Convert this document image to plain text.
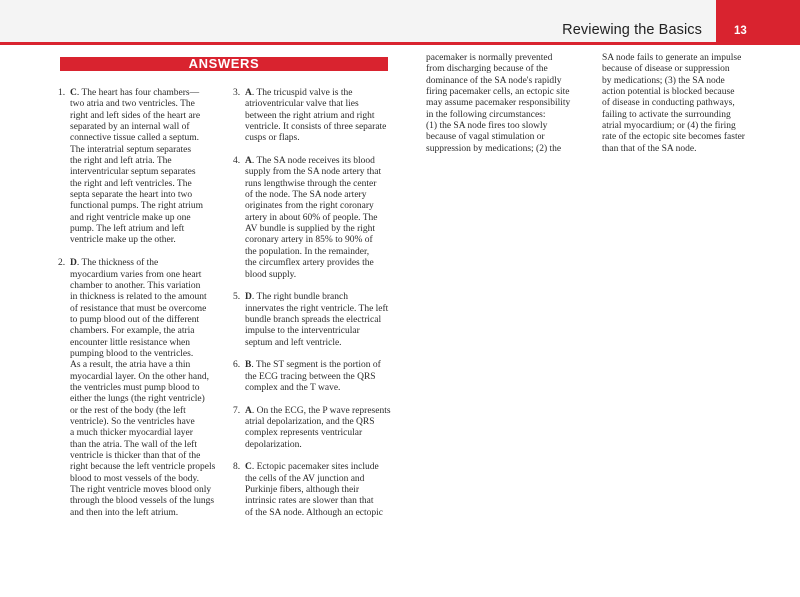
Reviewing the Basics	13
ANSWERS
1. C. The heart has four chambers—
two atria and two ventricles. The
right and left sides of the heart are
separated by an internal wall of
connective tissue called a septum.
The interatrial septum separates
the right and left atria. The
interventricular septum separates
the right and left ventricles. The
septa separate the heart into two
functional pumps. The right atrium
and right ventricle make up one
pump. The left atrium and left
ventricle make up the other.
2. D. The thickness of the
myocardium varies from one heart
chamber to another. This variation
in thickness is related to the amount
of resistance that must be overcome
to pump blood out of the different
chambers. For example, the atria
encounter little resistance when
pumping blood to the ventricles.
As a result, the atria have a thin
myocardial layer. On the other hand,
the ventricles must pump blood to
either the lungs (the right ventricle)
or the rest of the body (the left
ventricle). So the ventricles have
a much thicker myocardial layer
than the atria. The wall of the left
ventricle is thicker than that of the
right because the left ventricle propels
blood to most vessels of the body.
The right ventricle moves blood only
through the blood vessels of the lungs
and then into the left atrium.
3. A. The tricuspid valve is the
atrioventricular valve that lies
between the right atrium and right
ventricle. It consists of three separate
cusps or flaps.
4. A. The SA node receives its blood
supply from the SA node artery that
runs lengthwise through the center
of the node. The SA node artery
originates from the right coronary
artery in about 60% of people. The
AV bundle is supplied by the right
coronary artery in 85% to 90% of
the population. In the remainder,
the circumflex artery provides the
blood supply.
5. D. The right bundle branch
innervates the right ventricle. The left
bundle branch spreads the electrical
impulse to the interventricular
septum and left ventricle.
6. B. The ST segment is the portion of
the ECG tracing between the QRS
complex and the T wave.
7. A. On the ECG, the P wave represents
atrial depolarization, and the QRS
complex represents ventricular
depolarization.
8. C. Ectopic pacemaker sites include
the cells of the AV junction and
Purkinje fibers, although their
intrinsic rates are slower than that
of the SA node. Although an ectopic
pacemaker is normally prevented
from discharging because of the
dominance of the SA node's rapidly
firing pacemaker cells, an ectopic site
may assume pacemaker responsibility
in the following circumstances:
(1) the SA node fires too slowly
because of vagal stimulation or
suppression by medications; (2) the
SA node fails to generate an impulse
because of disease or suppression
by medications; (3) the SA node
action potential is blocked because
of disease in conducting pathways,
failing to activate the surrounding
atrial myocardium; or (4) the firing
rate of the ectopic site becomes faster
than that of the SA node.
